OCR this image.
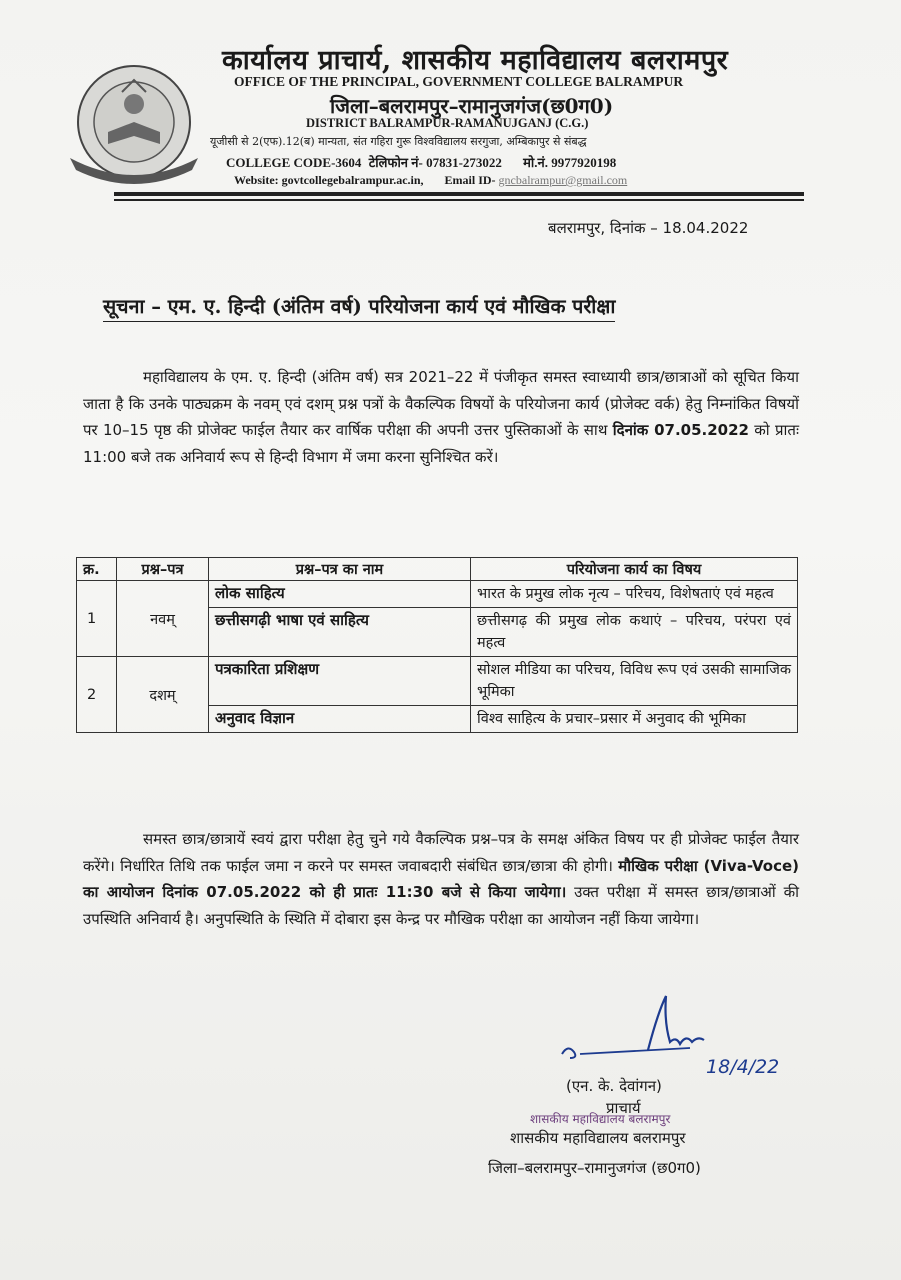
कार्यालय प्राचार्य, शासकीय महाविद्यालय बलरामपुर
OFFICE OF THE PRINCIPAL, GOVERNMENT COLLEGE BALRAMPUR
जिला–बलरामपुर–रामानुजगंज(छ0ग0)
DISTRICT BALRAMPUR-RAMANUJGANJ (C.G.)
यूजीसी से 2(एफ).12(ब) मान्यता, संत गहिरा गुरू विश्वविद्यालय सरगुजा, अम्बिकापुर से संबद्ध
COLLEGE CODE-3604 टेलिफोन नं- 07831-273022 मो.नं. 9977920198
Website: govtcollegebalrampur.ac.in, Email ID- gncbalrampur@gmail.com
बलरामपुर, दिनांक – 18.04.2022
सूचना – एम. ए. हिन्दी (अंतिम वर्ष) परियोजना कार्य एवं मौखिक परीक्षा
महाविद्यालय के एम. ए. हिन्दी (अंतिम वर्ष) सत्र 2021–22 में पंजीकृत समस्त स्वाध्यायी छात्र/छात्राओं को सूचित किया जाता है कि उनके पाठ्यक्रम के नवम् एवं दशम् प्रश्न पत्रों के वैकल्पिक विषयों के परियोजना कार्य (प्रोजेक्ट वर्क) हेतु निम्नांकित विषयों पर 10–15 पृष्ठ की प्रोजेक्ट फाईल तैयार कर वार्षिक परीक्षा की अपनी उत्तर पुस्तिकाओं के साथ दिनांक 07.05.2022 को प्रातः 11:00 बजे तक अनिवार्य रूप से हिन्दी विभाग में जमा करना सुनिश्चित करें।
क्र.	प्रश्न–पत्र	प्रश्न–पत्र का नाम	परियोजना कार्य का विषय
1	नवम्	लोक साहित्य	भारत के प्रमुख लोक नृत्य – परिचय, विशेषताएं एवं महत्व
		छत्तीसगढ़ी भाषा एवं साहित्य	छत्तीसगढ़ की प्रमुख लोक कथाएं – परिचय, परंपरा एवं महत्व
2	दशम्	पत्रकारिता प्रशिक्षण	सोशल मीडिया का परिचय, विविध रूप एवं उसकी सामाजिक भूमिका
		अनुवाद विज्ञान	विश्व साहित्य के प्रचार–प्रसार में अनुवाद की भूमिका
समस्त छात्र/छात्रायें स्वयं द्वारा परीक्षा हेतु चुने गये वैकल्पिक प्रश्न–पत्र के समक्ष अंकित विषय पर ही प्रोजेक्ट फाईल तैयार करेंगे। निर्धारित तिथि तक फाईल जमा न करने पर समस्त जवाबदारी संबंधित छात्र/छात्रा की होगी। मौखिक परीक्षा (Viva-Voce) का आयोजन दिनांक 07.05.2022 को ही प्रातः 11:30 बजे से किया जायेगा। उक्त परीक्षा में समस्त छात्र/छात्राओं की उपस्थिति अनिवार्य है। अनुपस्थिति के स्थिति में दोबारा इस केन्द्र पर मौखिक परीक्षा का आयोजन नहीं किया जायेगा।
18/4/22
(एन. के. देवांगन)
प्राचार्य
शासकीय महाविद्यालय बलरामपुर
शासकीय महाविद्यालय बलरामपुर
जिला–बलरामपुर–रामानुजगंज (छ0ग0)
